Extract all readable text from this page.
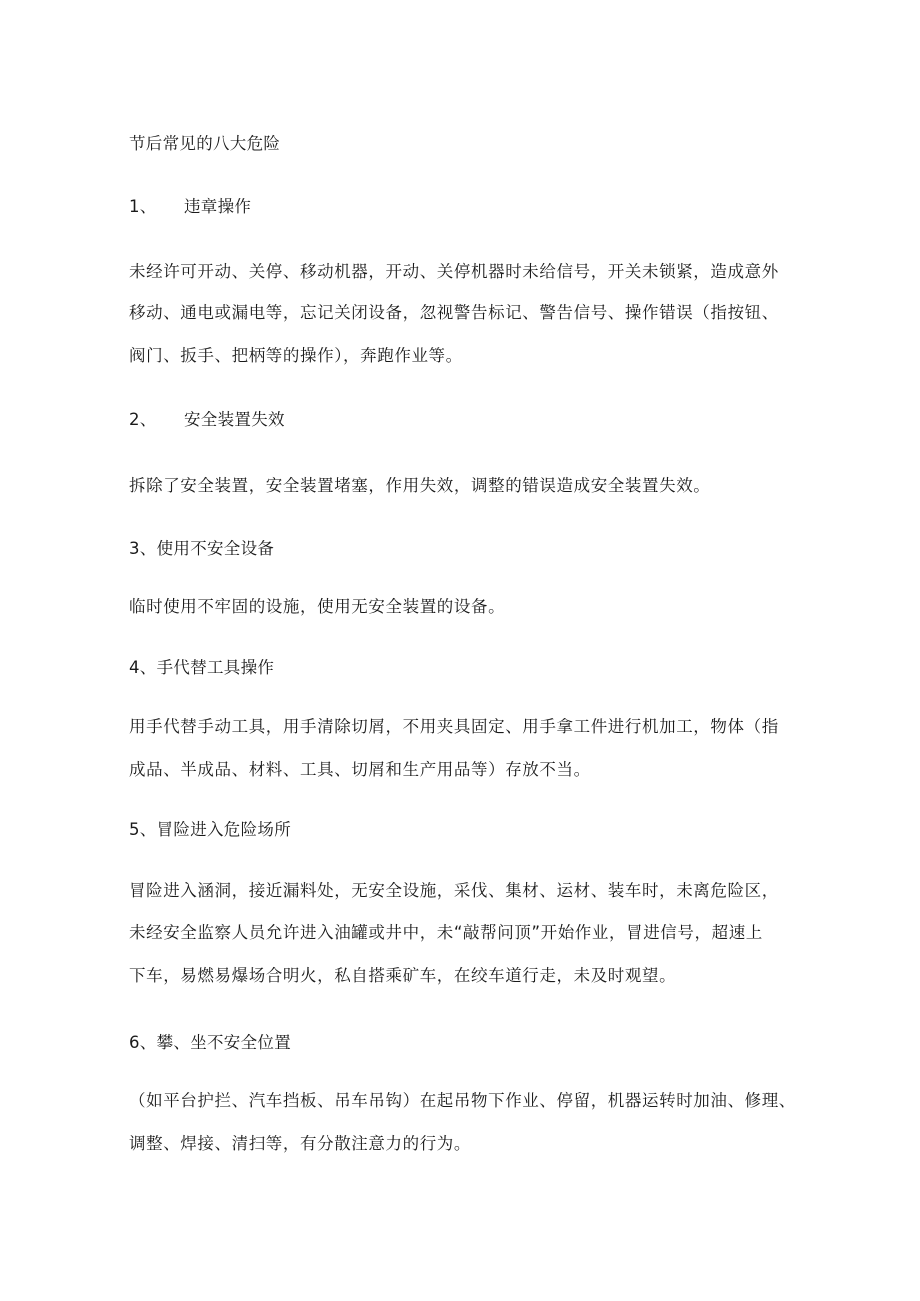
节后常见的八大危险

1、 违章操作

未经许可开动、关停、移动机器，开动、关停机器时未给信号，开关未锁紧，造成意外

移动、通电或漏电等，忘记关闭设备，忽视警告标记、警告信号、操作错误（指按钮、

阀门、扳手、把柄等的操作），奔跑作业等。

2、 安全装置失效

拆除了安全装置，安全装置堵塞，作用失效，调整的错误造成安全装置失效。

3、使用不安全设备

临时使用不牢固的设施，使用无安全装置的设备。

4、手代替工具操作

用手代替手动工具，用手清除切屑，不用夹具固定、用手拿工件进行机加工，物体（指

成品、半成品、材料、工具、切屑和生产用品等）存放不当。

5、冒险进入危险场所

冒险进入涵洞，接近漏料处，无安全设施，采伐、集材、运材、装车时，未离危险区，

未经安全监察人员允许进入油罐或井中，未“敲帮问顶”开始作业，冒进信号，超速上

下车，易燃易爆场合明火，私自搭乘矿车，在绞车道行走，未及时观望。

6、攀、坐不安全位置

（如平台护拦、汽车挡板、吊车吊钩）在起吊物下作业、停留，机器运转时加油、修理、

调整、焊接、清扫等，有分散注意力的行为。
